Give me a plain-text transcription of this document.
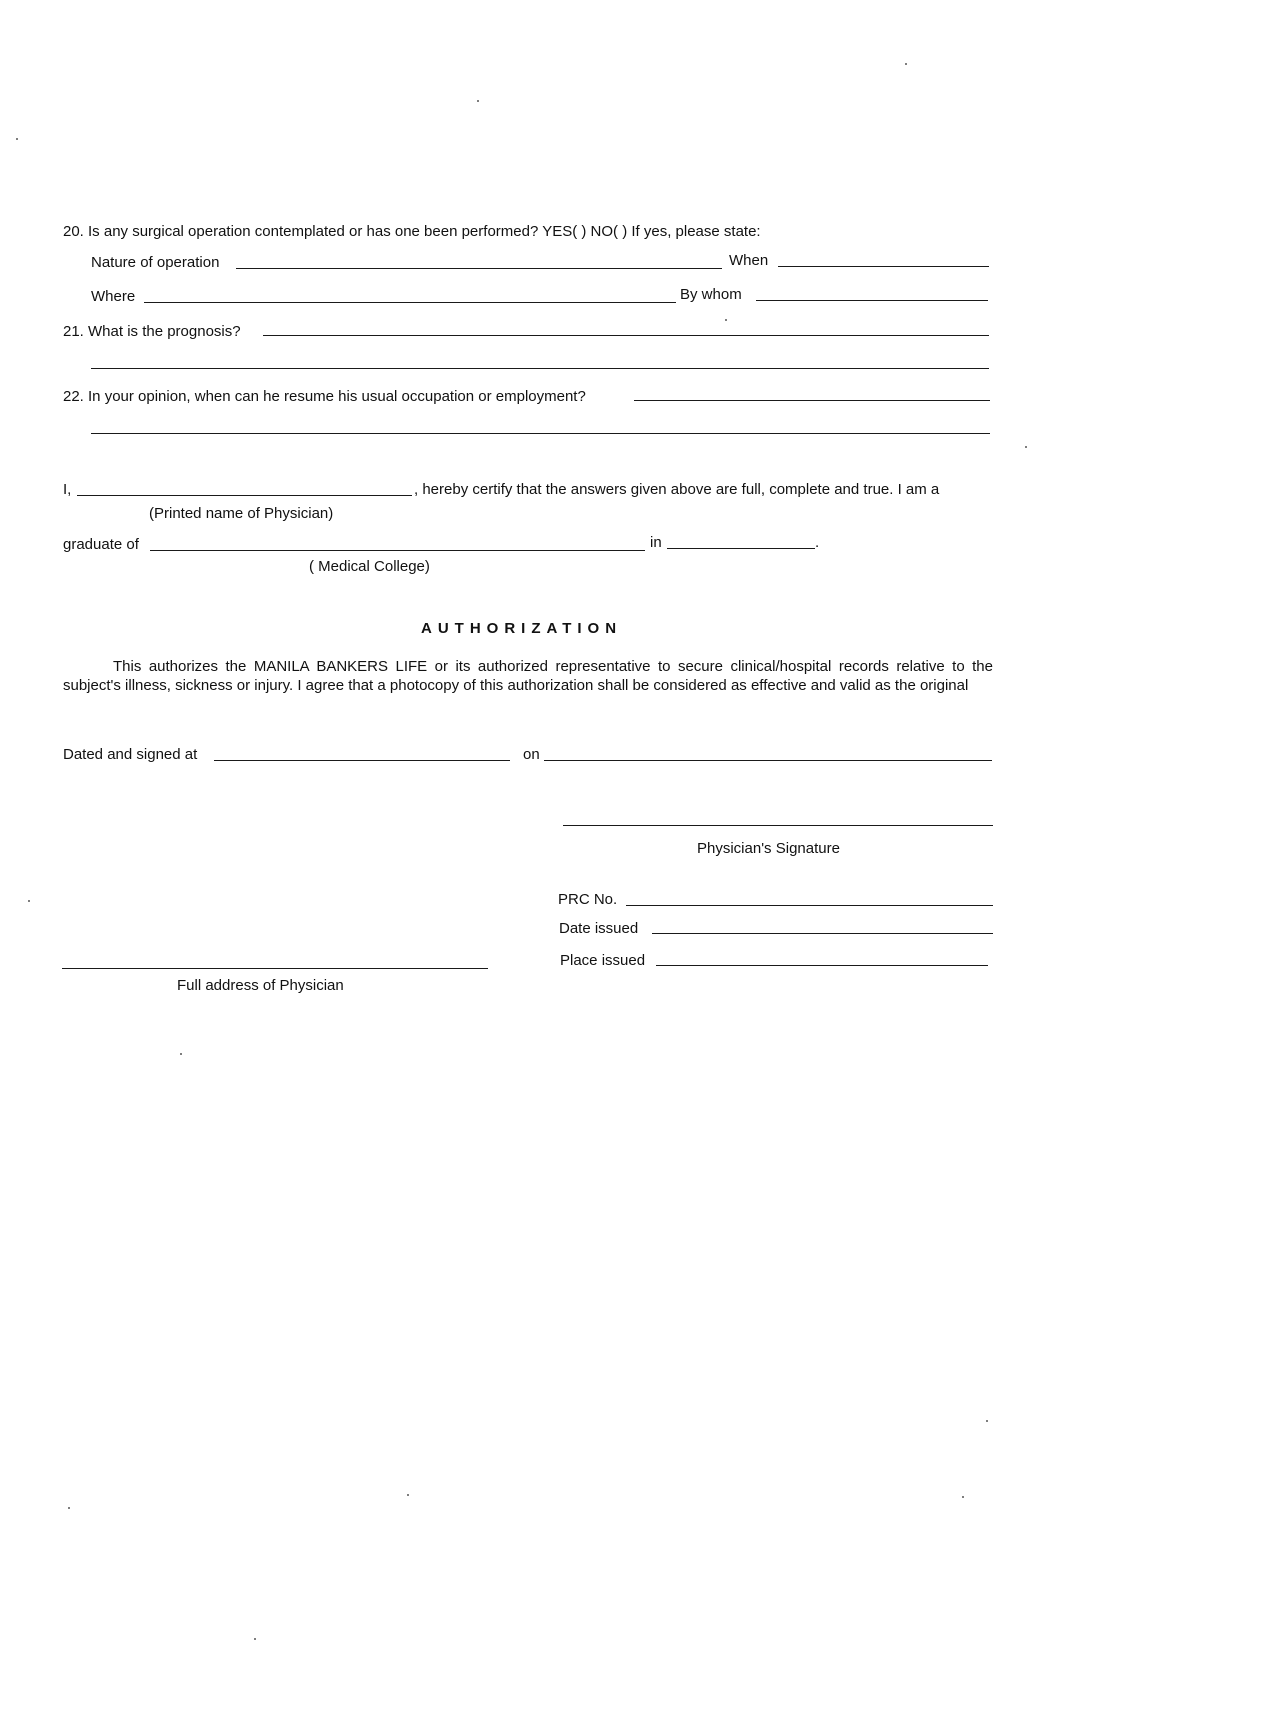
20. Is any surgical operation contemplated or has one been performed? YES( ) NO( ) If yes, please state:
Nature of operation	When
Where	By whom
21. What is the prognosis?
22. In your opinion, when can he resume his usual occupation or employment?
I,	, hereby certify that the answers given above are full, complete and true. I am a
(Printed name of Physician)
graduate of	in	.
( Medical College)
AUTHORIZATION
This authorizes the MANILA BANKERS LIFE or its authorized representative to secure clinical/hospital records relative to the subject's illness, sickness or injury. I agree that a photocopy of this authorization shall be considered as effective and valid as the original
Dated and signed at	on
Physician's Signature
PRC No.
Date issued
Place issued
Full address of Physician
